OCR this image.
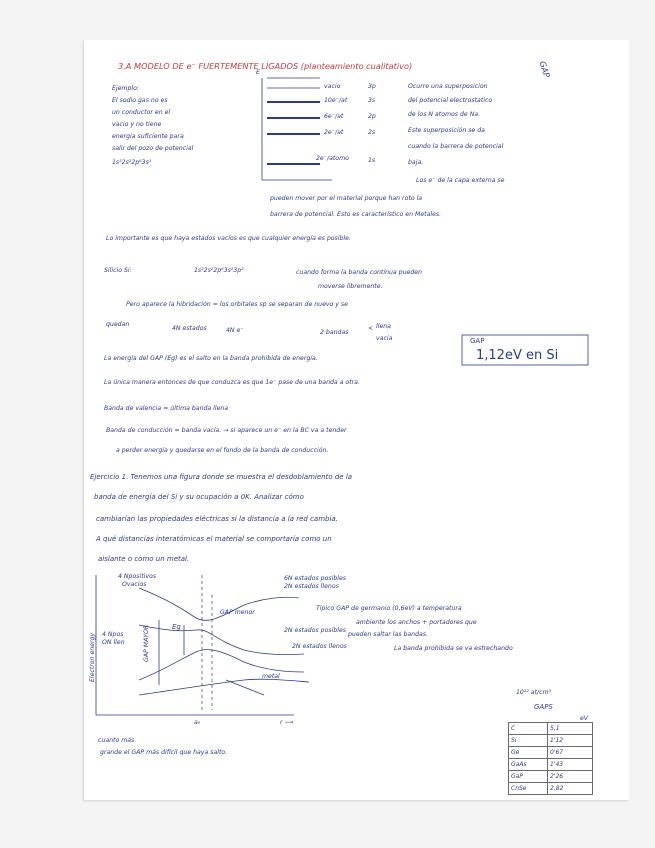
3.A MODELO DE e⁻ FUERTEMENTE LIGADOS (planteamiento cualitativo)	GAP
Ejemplo:
El sodio gas no es
un conductor en el
vacio y no tiene
energia suficiente para
salir del pozo de potencial
1s²2s²2p⁶3s¹
E
vacio	3p
10e⁻/at	3s
6e⁻/at	2p
2e⁻/at	2s
2e⁻/atomo	1s
Ocurre una superposicion
del potencial electrostatico
de los N atomos de Na.
Este superposición se da
cuando la barrera de potencial
baja.
Los e⁻ de la capa externa se
pueden mover por el material porque han roto la
barrera de potencial. Esto es característico en Metales.
Lo importante es que haya estados vacíos es que cualquier energía es posible.
Silicio Si:	1s²2s²2p⁶3s²3p²	cuando forma la banda contínua pueden
moverse libremente.
Pero aparece la hibridación = los orbitales sp se separan de nuevo y se
quedan
4N estados	4N e⁻	2 bandas
< llena
vacia	GAP
1,12eV en Si
La energía del GAP (Eg) es el salto en la banda prohibida de energía.
La única manera entonces de que conduzca es que 1e⁻ pase de una banda a otra.
Banda de valencia = última banda llena
Banda de conducción = banda vacía. → si aparece un e⁻ en la BC va a tender
a perder energía y quedarse en el fondo de la banda de conducción.
Ejercicio 1. Tenemos una figura donde se muestra el desdoblamiento de la
banda de energía del Si y su ocupación a 0K. Analizar cómo
cambiarían las propiedades eléctricas si la distancia a la red cambia.
A qué distancias interatómicas el material se comportaría como un
aislante o como un metal.
Electron energy
4 Npositivos
Ovacios
4 Npos
ON llen	GAP MAYOR	Eg
GAP menor
6N estados posibles
2N estados llenos
2N estados posibles
2N estados llenos
metal
a₀	r ⟶
Típico GAP de germanio (0,6eV) a temperatura
ambiente los anchos + portadores que
pueden saltar las bandas.
La banda prohibida se va estrechando
cuanto más
grande el GAP más difícil que haya salto.
10²² at/cm³
GAPS
eV
C	5,1
Si	1'12
Ge	0'67
GaAs	1'43
GaP	2'26
CnSe	2,82
